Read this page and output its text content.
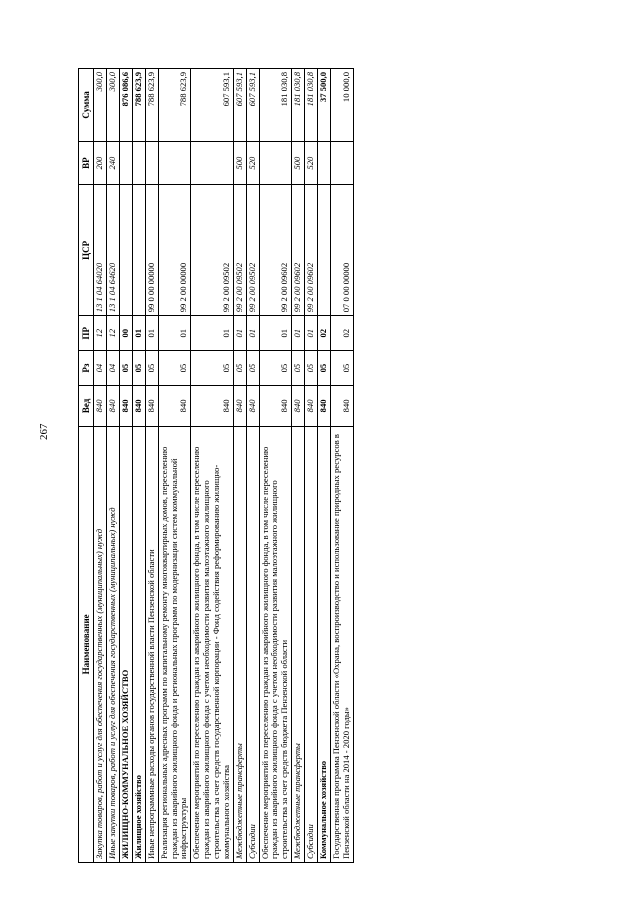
267
Наименование	Вед	Рз	ПР	ЦСР	ВР	Сумма
Закупка товаров, работ и услуг для обеспечения государственных (муниципальных) нужд	840	04	12	13 1 04 64020	200	300,0
Иные закупки товаров, работ и услуг для обеспечения государственных (муниципальных) нужд	840	04	12	13 1 04 64620	240	300,0
ЖИЛИЩНО-КОММУНАЛЬНОЕ ХОЗЯЙСТВО	840	05	00			876 086,6
Жилищное хозяйство	840	05	01			788 623,9
Иные непрограммные расходы органов государственной власти Пензенской области	840	05	01	99 0 00 00000		788 623,9
Реализация региональных адресных программ по капитальному ремонту многоквартирных домов, переселению граждан из аварийного жилищного фонда и региональных программ по модернизации систем коммунальной инфраструктуры	840	05	01	99 2 00 00000		788 623,9
Обеспечение мероприятий по переселению граждан из аварийного жилищного фонда, в том числе переселению граждан из аварийного жилищного фонда с учетом необходимости развития малоэтажного жилищного строительства за счет средств государственной корпорации - Фонд содействия реформированию жилищно-коммунального хозяйства	840	05	01	99 2 00 09502		607 593,1
Межбюджетные трансферты	840	05	01	99 2 00 09502	500	607 593,1
Субсидии	840	05	01	99 2 00 09502	520	607 593,1
Обеспечение мероприятий по переселению граждан из аварийного жилищного фонда, в том числе переселению граждан из аварийного жилищного фонда с учетом необходимости развития малоэтажного жилищного строительства за счет средств бюджета Пензенской области	840	05	01	99 2 00 09602		181 030,8
Межбюджетные трансферты	840	05	01	99 2 00 09602	500	181 030,8
Субсидии	840	05	01	99 2 00 09602	520	181 030,8
Коммунальное хозяйство	840	05	02			37 500,0
Государственная программа Пензенской области «Охрана, воспроизводство и использование природных ресурсов в Пензенской области на 2014 - 2020 годы»	840	05	02	07 0 00 00000		10 000,0
